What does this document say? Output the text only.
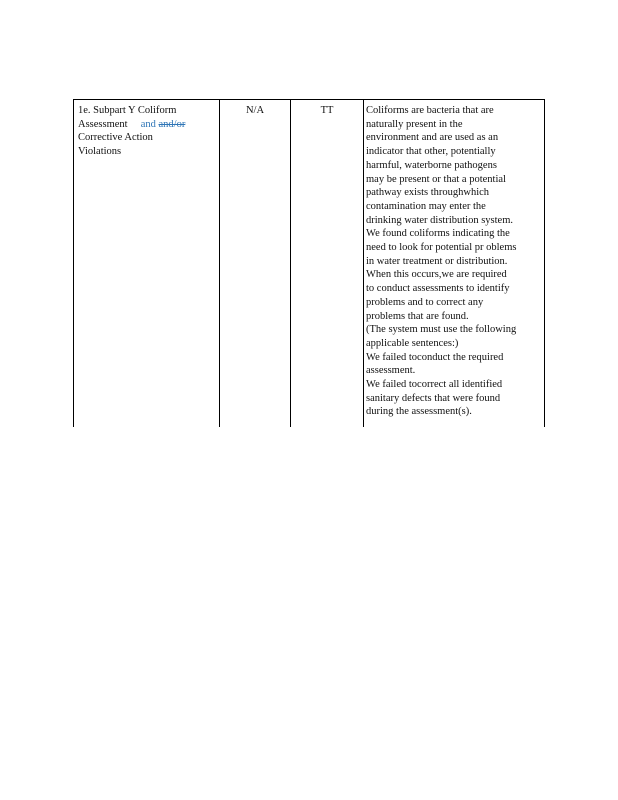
1e. Subpart Y Coliform
Assessment and and/or
Corrective Action
Violations
N/A	TT	Coliforms are bacteria that are
naturally present in the
environment and are used as an
indicator that other, potentially
harmful, waterborne pathogens
may be present or that a potential
pathway exists throughwhich
contamination may enter the
drinking water distribution system.
We found coliforms indicating the
need to look for potential pr oblems
in water treatment or distribution.
When this occurs,we are required
to conduct assessments to identify
problems and to correct any
problems that are found.
(The system must use the following
applicable sentences:)
We failed toconduct the required
assessment.
We failed tocorrect all identified
sanitary defects that were found
during the assessment(s).
